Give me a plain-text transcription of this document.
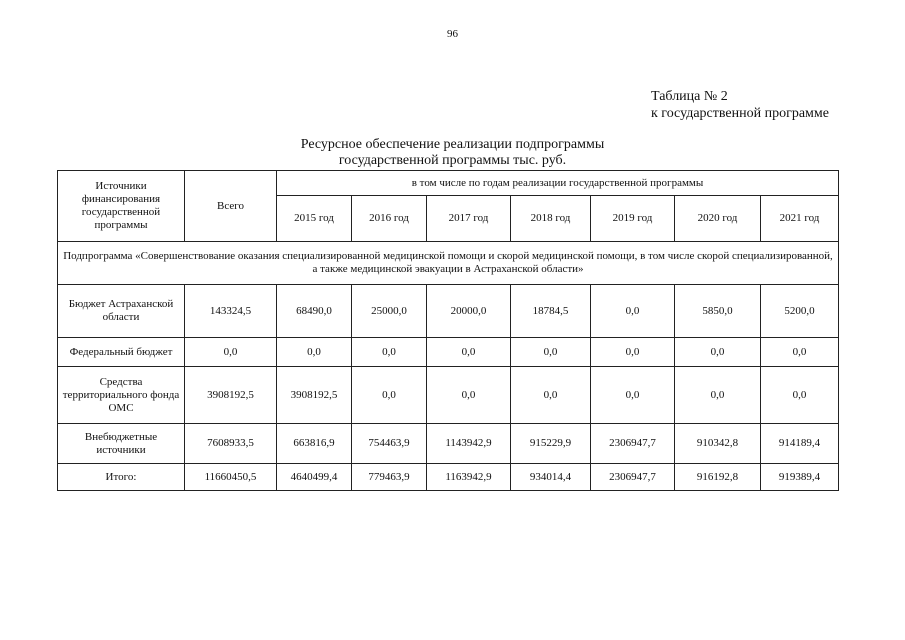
96
Таблица № 2
к государственной программе
Ресурсное обеспечение реализации подпрограммы
государственной программы тыс. руб.
Источники финансирования государственной программы	Всего	в том числе по годам реализации государственной программы						
		2015 год	2016 год	2017 год	2018 год	2019 год	2020 год	2021 год
Подпрограмма «Совершенствование оказания специализированной медицинской помощи и скорой медицинской помощи, в том числе скорой специализированной, а также медицинской эвакуации в Астраханской области»								
Бюджет Астраханской области	143324,5	68490,0	25000,0	20000,0	18784,5	0,0	5850,0	5200,0
Федеральный бюджет	0,0	0,0	0,0	0,0	0,0	0,0	0,0	0,0
Средства территориального фонда ОМС	3908192,5	3908192,5	0,0	0,0	0,0	0,0	0,0	0,0
Внебюджетные источники	7608933,5	663816,9	754463,9	1143942,9	915229,9	2306947,7	910342,8	914189,4
Итого:	11660450,5	4640499,4	779463,9	1163942,9	934014,4	2306947,7	916192,8	919389,4
